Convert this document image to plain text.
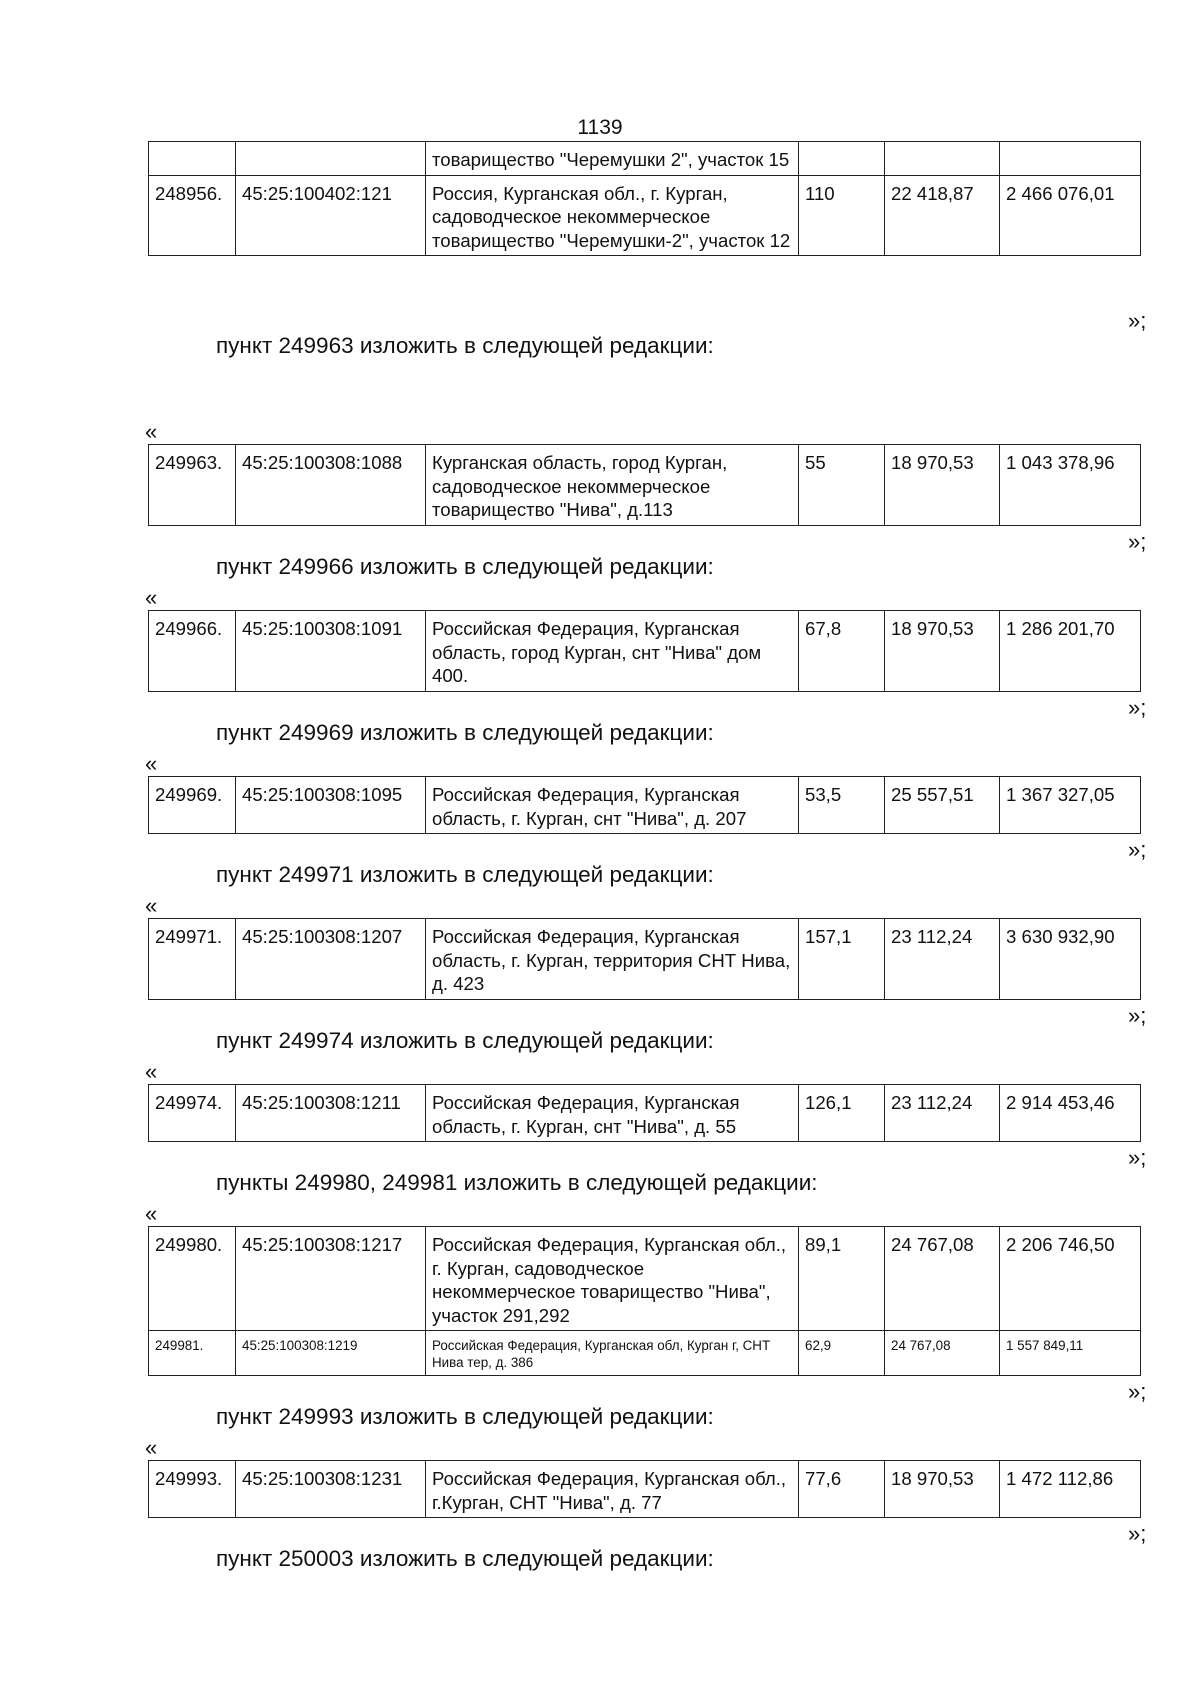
1139
		товарищество "Черемушки 2", участок 15			
248956.	45:25:100402:121	Россия, Курганская обл., г. Курган, садоводческое некоммерческое товарищество "Черемушки-2", участок 12	110	22 418,87	2 466 076,01
»;
пункт 249963 изложить в следующей редакции:
«
249963.	45:25:100308:1088	Курганская область, город Курган, садоводческое некоммерческое товарищество "Нива", д.113	55	18 970,53	1 043 378,96
»;
пункт 249966 изложить в следующей редакции:
«
249966.	45:25:100308:1091	Российская Федерация, Курганская область, город Курган, снт "Нива" дом 400.	67,8	18 970,53	1 286 201,70
»;
пункт 249969 изложить в следующей редакции:
«
249969.	45:25:100308:1095	Российская Федерация, Курганская область, г. Курган, снт "Нива", д. 207	53,5	25 557,51	1 367 327,05
»;
пункт 249971 изложить в следующей редакции:
«
249971.	45:25:100308:1207	Российская Федерация, Курганская область, г. Курган, территория СНТ Нива, д. 423	157,1	23 112,24	3 630 932,90
»;
пункт 249974 изложить в следующей редакции:
«
249974.	45:25:100308:1211	Российская Федерация, Курганская область, г. Курган, снт "Нива", д. 55	126,1	23 112,24	2 914 453,46
»;
пункты 249980, 249981 изложить в следующей редакции:
«
249980.	45:25:100308:1217	Российская Федерация, Курганская обл., г. Курган, садоводческое некоммерческое товарищество "Нива", участок 291,292	89,1	24 767,08	2 206 746,50
249981.	45:25:100308:1219	Российская Федерация, Курганская обл, Курган г, СНТ Нива тер, д. 386	62,9	24 767,08	1 557 849,11
»;
пункт 249993 изложить в следующей редакции:
«
249993.	45:25:100308:1231	Российская Федерация, Курганская обл., г.Курган, СНТ "Нива", д. 77	77,6	18 970,53	1 472 112,86
»;
пункт 250003 изложить в следующей редакции:
